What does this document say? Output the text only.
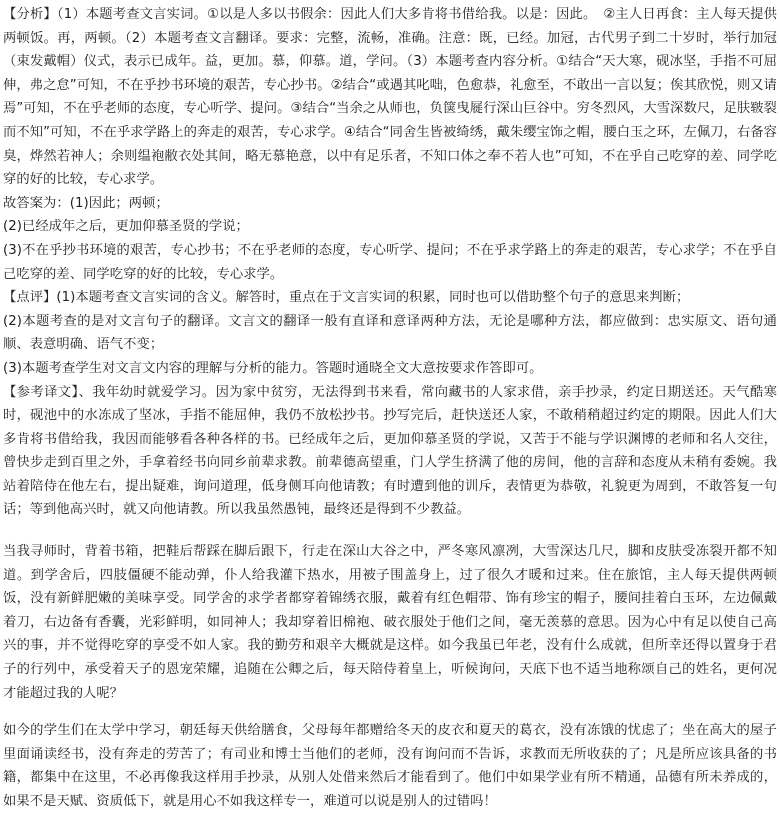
【分析】（1）本题考查文言实词。①以是人多以书假余：因此人们大多肯将书借给我。以是：因此。　②主人日再食：主人每天提供两顿饭。再，两顿。（2）本题考查文言翻译。要求：完整，流畅，准确。注意：既，已经。加冠，古代男子到二十岁时，举行加冠（束发戴帽）仪式，表示已成年。益，更加。慕，仰慕。道，学问。（3）本题考查内容分析。①结合“天大寒，砚冰坚，手指不可屈伸，弗之怠”可知，不在乎抄书环境的艰苦，专心抄书。②结合“或遇其叱咄，色愈恭，礼愈至，不敢出一言以复；俟其欣悦，则又请焉”可知，不在乎老师的态度，专心听学、提问。③结合“当余之从师也，负箧曳屣行深山巨谷中。穷冬烈风，大雪深数尺，足肤皲裂而不知”可知，不在乎求学路上的奔走的艰苦，专心求学。④结合“同舍生皆被绮绣，戴朱缨宝饰之帽，腰白玉之环，左佩刀，右备容臭，烨然若神人；余则缊袍敝衣处其间，略无慕艳意，以中有足乐者，不知口体之奉不若人也”可知，不在乎自己吃穿的差、同学吃穿的好的比较，专心求学。

故答案为：(1)因此；两顿；

(2)已经成年之后，更加仰慕圣贤的学说；

(3)不在乎抄书环境的艰苦，专心抄书；不在乎老师的态度，专心听学、提问；不在乎求学路上的奔走的艰苦，专心求学；不在乎自己吃穿的差、同学吃穿的好的比较，专心求学。

【点评】(1)本题考查文言实词的含义。解答时，重点在于文言实词的积累，同时也可以借助整个句子的意思来判断；

(2)本题考查的是对文言句子的翻译。文言文的翻译一般有直译和意译两种方法，无论是哪种方法，都应做到：忠实原文、语句通顺、表意明确、语气不变；

(3)本题考查学生对文言文内容的理解与分析的能力。答题时通晓全文大意按要求作答即可。

【参考译文】、我年幼时就爱学习。因为家中贫穷，无法得到书来看，常向藏书的人家求借，亲手抄录，约定日期送还。天气酷寒时，砚池中的水冻成了坚冰，手指不能屈伸，我仍不放松抄书。抄写完后，赶快送还人家，不敢稍稍超过约定的期限。因此人们大多肯将书借给我，我因而能够看各种各样的书。已经成年之后，更加仰慕圣贤的学说，又苦于不能与学识渊博的老师和名人交往，曾快步走到百里之外，手拿着经书向同乡前辈求教。前辈德高望重，门人学生挤满了他的房间，他的言辞和态度从未稍有委婉。我站着陪侍在他左右，提出疑难，询问道理，低身侧耳向他请教；有时遭到他的训斥，表情更为恭敬，礼貌更为周到，不敢答复一句话；等到他高兴时，就又向他请教。所以我虽然愚钝，最终还是得到不少教益。

当我寻师时，背着书箱，把鞋后帮踩在脚后跟下，行走在深山大谷之中，严冬寒风凛冽，大雪深达几尺，脚和皮肤受冻裂开都不知道。到学舍后，四肢僵硬不能动弹，仆人给我灌下热水，用被子围盖身上，过了很久才暖和过来。住在旅馆，主人每天提供两顿饭，没有新鲜肥嫩的美味享受。同学舍的求学者都穿着锦绣衣服，戴着有红色帽带、饰有珍宝的帽子，腰间挂着白玉环，左边佩戴着刀，右边备有香囊，光彩鲜明，如同神人；我却穿着旧棉袍、破衣服处于他们之间，毫无羡慕的意思。因为心中有足以使自己高兴的事，并不觉得吃穿的享受不如人家。我的勤劳和艰辛大概就是这样。如今我虽已年老，没有什么成就，但所幸还得以置身于君子的行列中，承受着天子的恩宠荣耀，追随在公卿之后，每天陪侍着皇上，听候询问，天底下也不适当地称颂自己的姓名，更何况才能超过我的人呢？

如今的学生们在太学中学习，朝廷每天供给膳食，父母每年都赠给冬天的皮衣和夏天的葛衣，没有冻饿的忧虑了；坐在高大的屋子里面诵读经书，没有奔走的劳苦了；有司业和博士当他们的老师，没有询问而不告诉，求教而无所收获的了；凡是所应该具备的书籍，都集中在这里，不必再像我这样用手抄录，从别人处借来然后才能看到了。他们中如果学业有所不精通，品德有所未养成的，如果不是天赋、资质低下，就是用心不如我这样专一，难道可以说是别人的过错吗！
